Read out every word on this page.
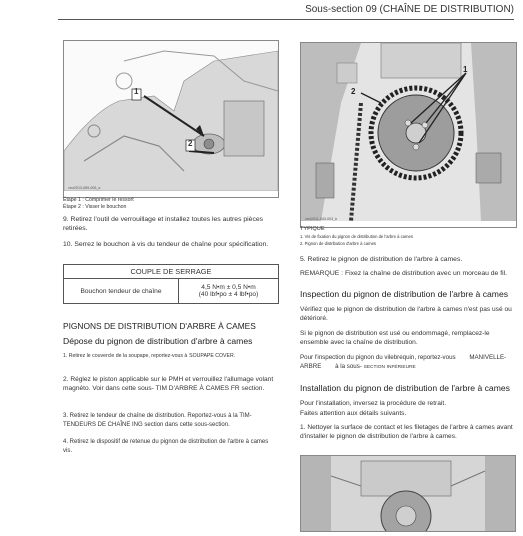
Sous-section 09 (CHAÎNE DE DISTRIBUTION)
1
2
vmr2013-089-005_a
Étape 1 : Comprimer le ressort
Étape 2 : Visser le bouchon
9. Retirez l'outil de verrouillage et installez toutes les autres pièces retirées.
10. Serrez le bouchon à vis du tendeur de chaîne pour spécification.
COUPLE DE SERRAGE
Bouchon tendeur de chaîne	4,5 N•m ± 0,5 N•m
(40 lbf•po ± 4 lbf•po)
PIGNONS DE DISTRIBUTION D'ARBRE À CAMES
Dépose du pignon de distribution d'arbre à cames
1. Retirez le couvercle de la soupape, reportez-vous à SOUPAPE COVER.
2. Réglez le piston applicable sur le PMH et verrouillez l'allumage volant magnéto. Voir dans cette sous- TIM D'ARBRE À CAMES FR section.
3. Retirez le tendeur de chaîne de distribution. Reportez-vous à la TIM- TENDEURS DE CHAÎNE ING section dans cette sous-section.
4. Retirez le dispositif de retenue du pignon de distribution de l'arbre à cames vis.
1
2
vmr2011-043-003_b
TYPIQUE
1. Vis de fixation du pignon de distribution de l'arbre à cames
2. Pignon de distribution d'arbre à cames
5. Retirez le pignon de distribution de l'arbre à cames.
REMARQUE : Fixez la chaîne de distribution avec un morceau de fil.
Inspection du pignon de distribution de l'arbre à cames
Vérifiez que le pignon de distribution de l'arbre à cames n'est pas usé ou détérioré.
Si le pignon de distribution est usé ou endommagé, remplacez-le ensemble avec la chaîne de distribution.
Pour l'inspection du pignon du vilebrequin, reportez-vous MANIVELLE-
ARBRE à la sous- SECTION INFÉRIEURE
Installation du pignon de distribution de l'arbre à cames
Pour l'installation, inversez la procédure de retrait.
Faites attention aux détails suivants.
1. Nettoyer la surface de contact et les filetages de l'arbre à cames avant d'installer le pignon de distribution de l'arbre à cames.
